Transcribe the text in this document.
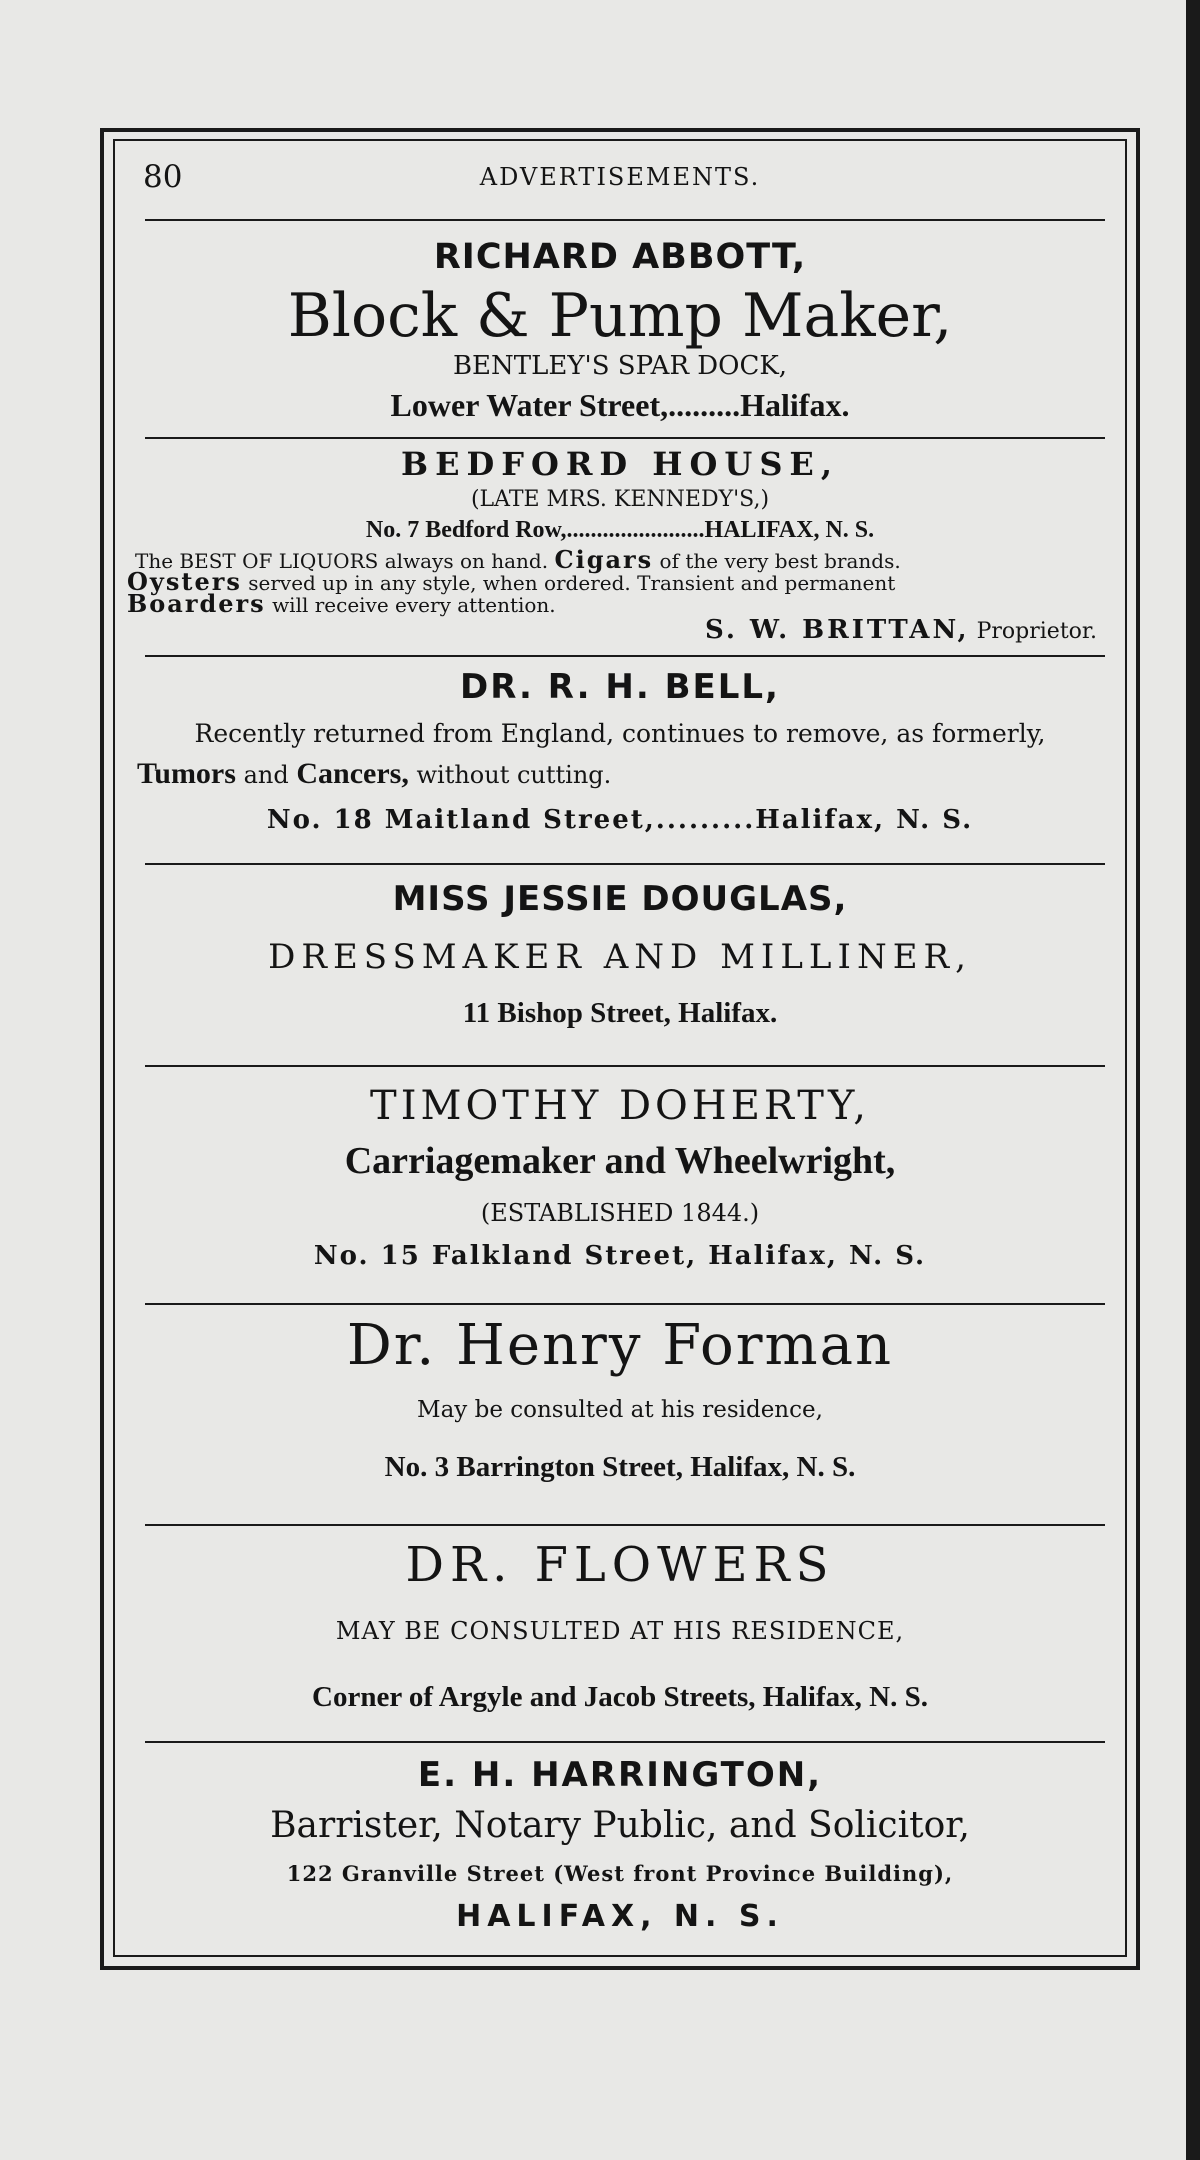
80	ADVERTISEMENTS.
RICHARD ABBOTT,
Block & Pump Maker,
BENTLEY'S SPAR DOCK,
Lower Water Street,.........Halifax.
BEDFORD HOUSE,
(LATE MRS. KENNEDY'S,)
No. 7 Bedford Row,.......................HALIFAX, N. S.
The BEST OF LIQUORS always on hand. Cigars of the very best brands.
Oysters served up in any style, when ordered. Transient and permanent
Boarders will receive every attention.
S. W. BRITTAN, Proprietor.
DR. R. H. BELL,
Recently returned from England, continues to remove, as formerly,
Tumors and Cancers, without cutting.
No. 18 Maitland Street,.........Halifax, N. S.
MISS JESSIE DOUGLAS,
DRESSMAKER AND MILLINER,
11 Bishop Street, Halifax.
TIMOTHY DOHERTY,
Carriagemaker and Wheelwright,
(ESTABLISHED 1844.)
No. 15 Falkland Street, Halifax, N. S.
Dr. Henry Forman
May be consulted at his residence,
No. 3 Barrington Street, Halifax, N. S.
DR. FLOWERS
MAY BE CONSULTED AT HIS RESIDENCE,
Corner of Argyle and Jacob Streets, Halifax, N. S.
E. H. HARRINGTON,
Barrister, Notary Public, and Solicitor,
122 Granville Street (West front Province Building),
HALIFAX, N. S.
